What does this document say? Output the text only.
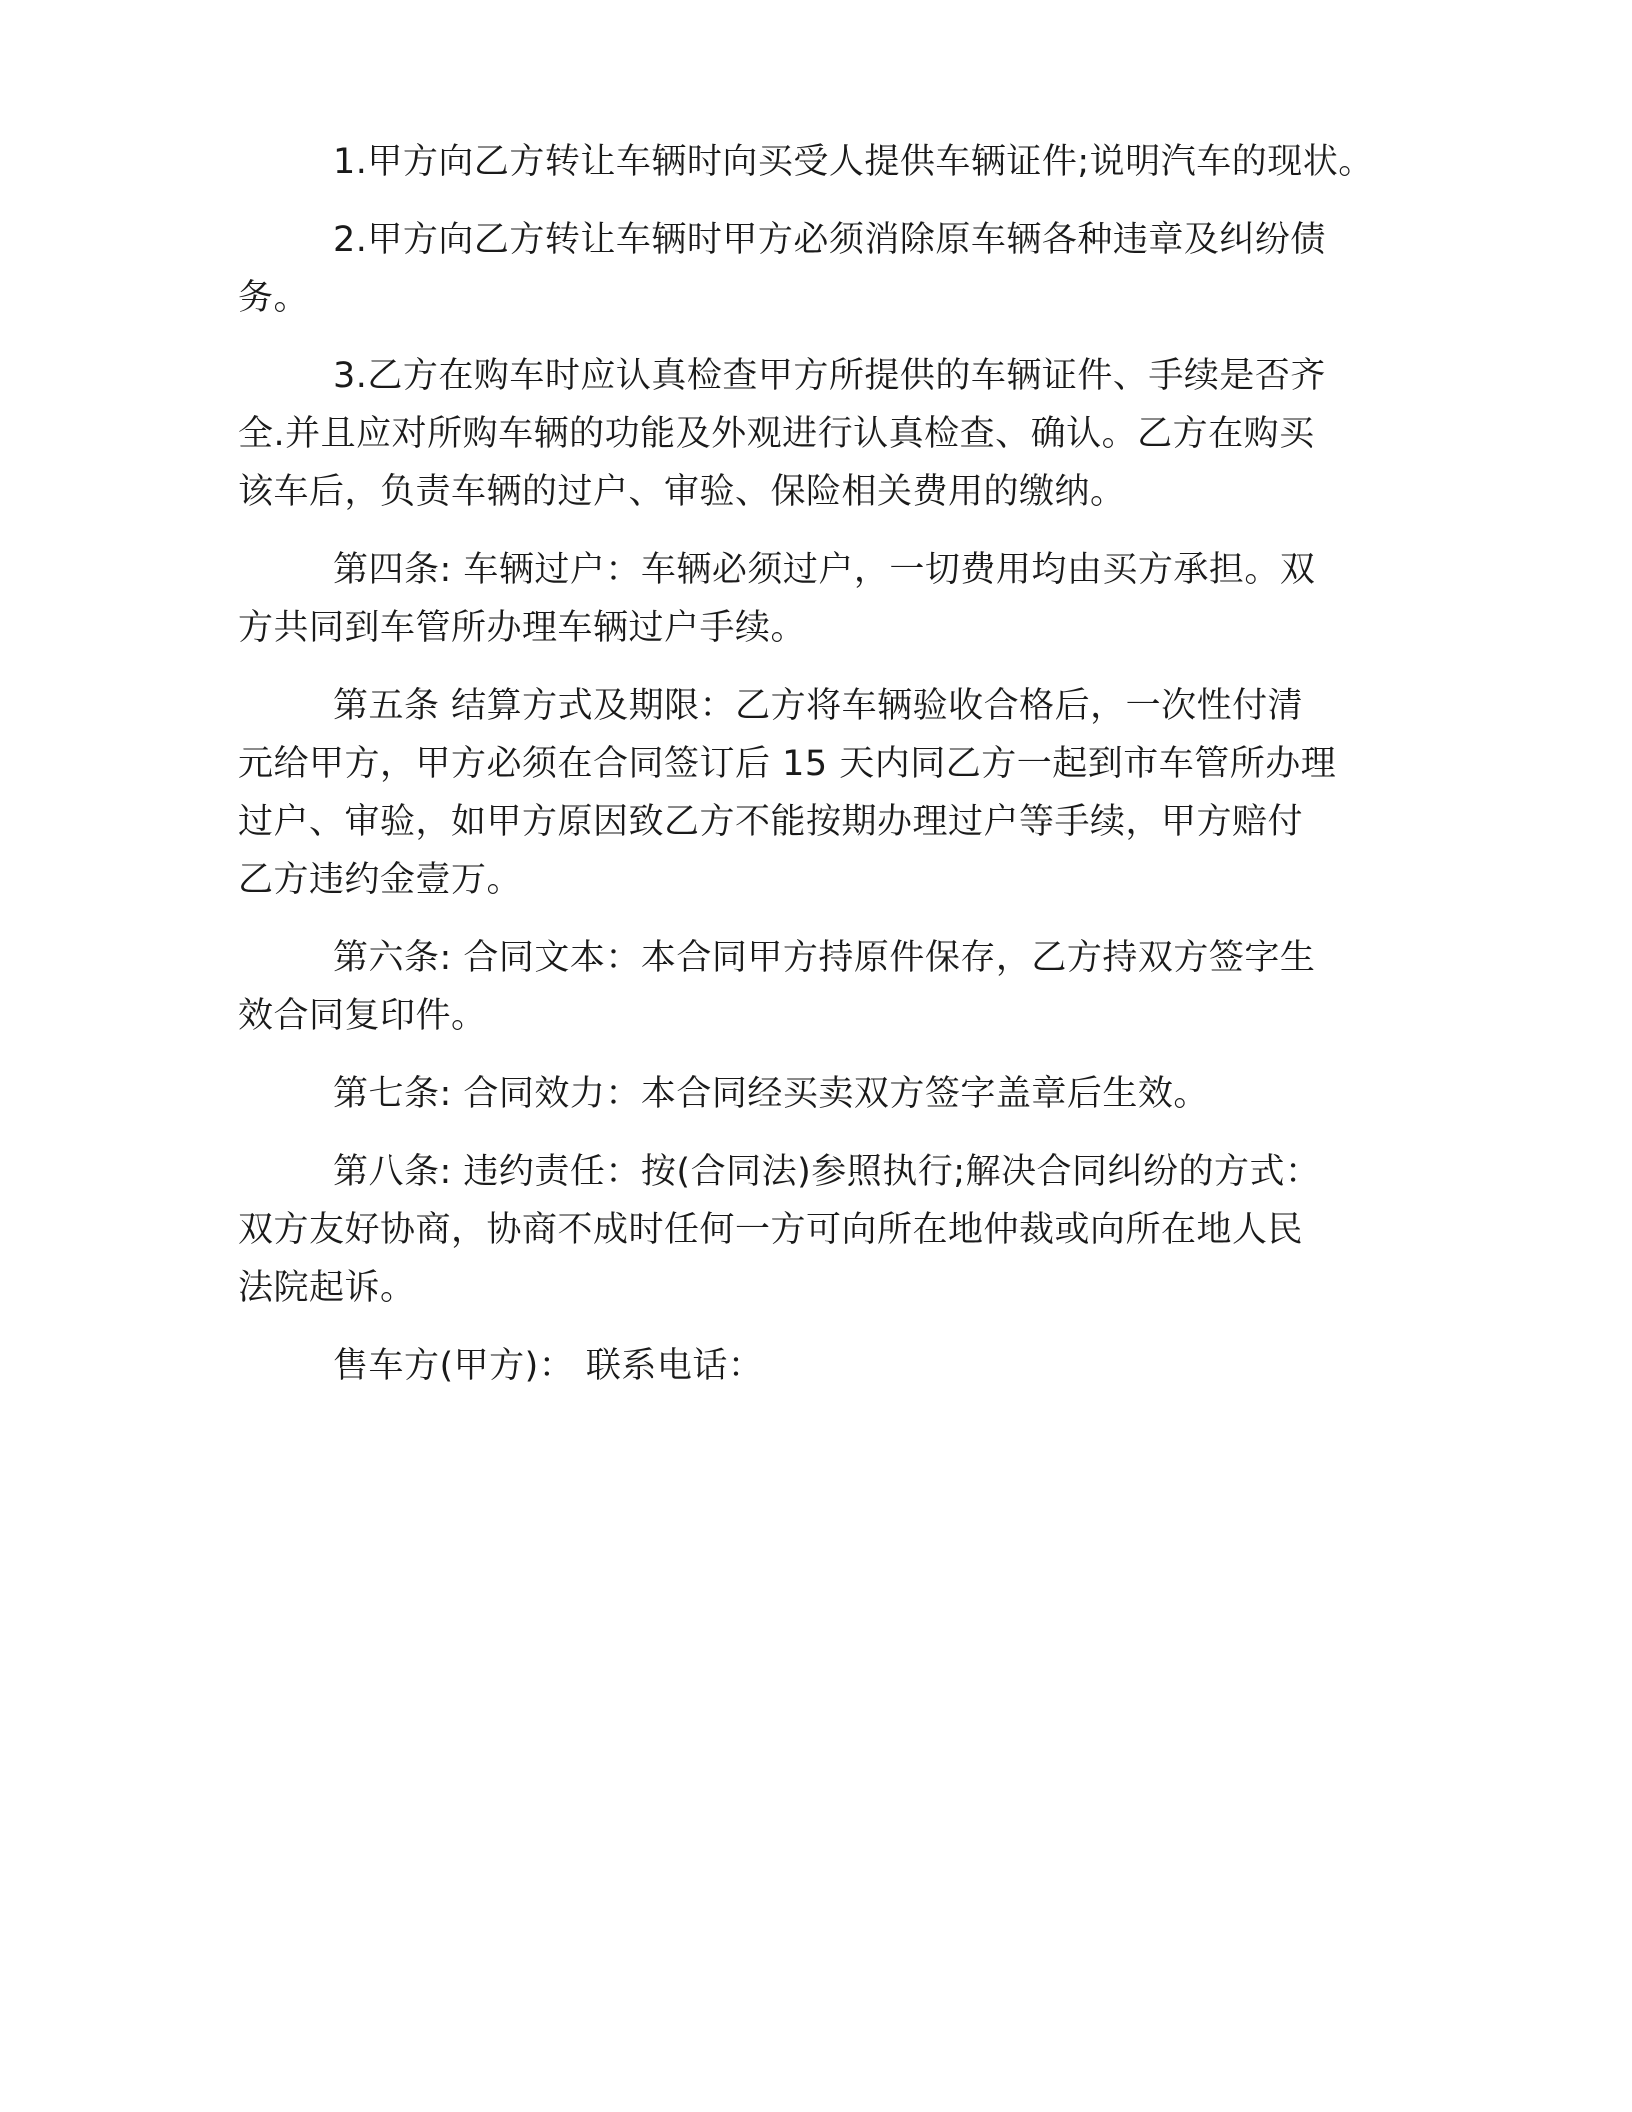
1.甲方向乙方转让车辆时向买受人提供车辆证件;说明汽车的现状。
2.甲方向乙方转让车辆时甲方必须消除原车辆各种违章及纠纷债
务。
3.乙方在购车时应认真检查甲方所提供的车辆证件、手续是否齐
全.并且应对所购车辆的功能及外观进行认真检查、确认。乙方在购买
该车后，负责车辆的过户、审验、保险相关费用的缴纳。
第四条: 车辆过户：车辆必须过户，一切费用均由买方承担。双
方共同到车管所办理车辆过户手续。
第五条 结算方式及期限：乙方将车辆验收合格后，一次性付清
元给甲方，甲方必须在合同签订后 15 天内同乙方一起到市车管所办理
过户、审验，如甲方原因致乙方不能按期办理过户等手续，甲方赔付
乙方违约金壹万。
第六条: 合同文本：本合同甲方持原件保存，乙方持双方签字生
效合同复印件。
第七条: 合同效力：本合同经买卖双方签字盖章后生效。
第八条: 违约责任：按(合同法)参照执行;解决合同纠纷的方式：
双方友好协商，协商不成时任何一方可向所在地仲裁或向所在地人民
法院起诉。
售车方(甲方)： 联系电话：
